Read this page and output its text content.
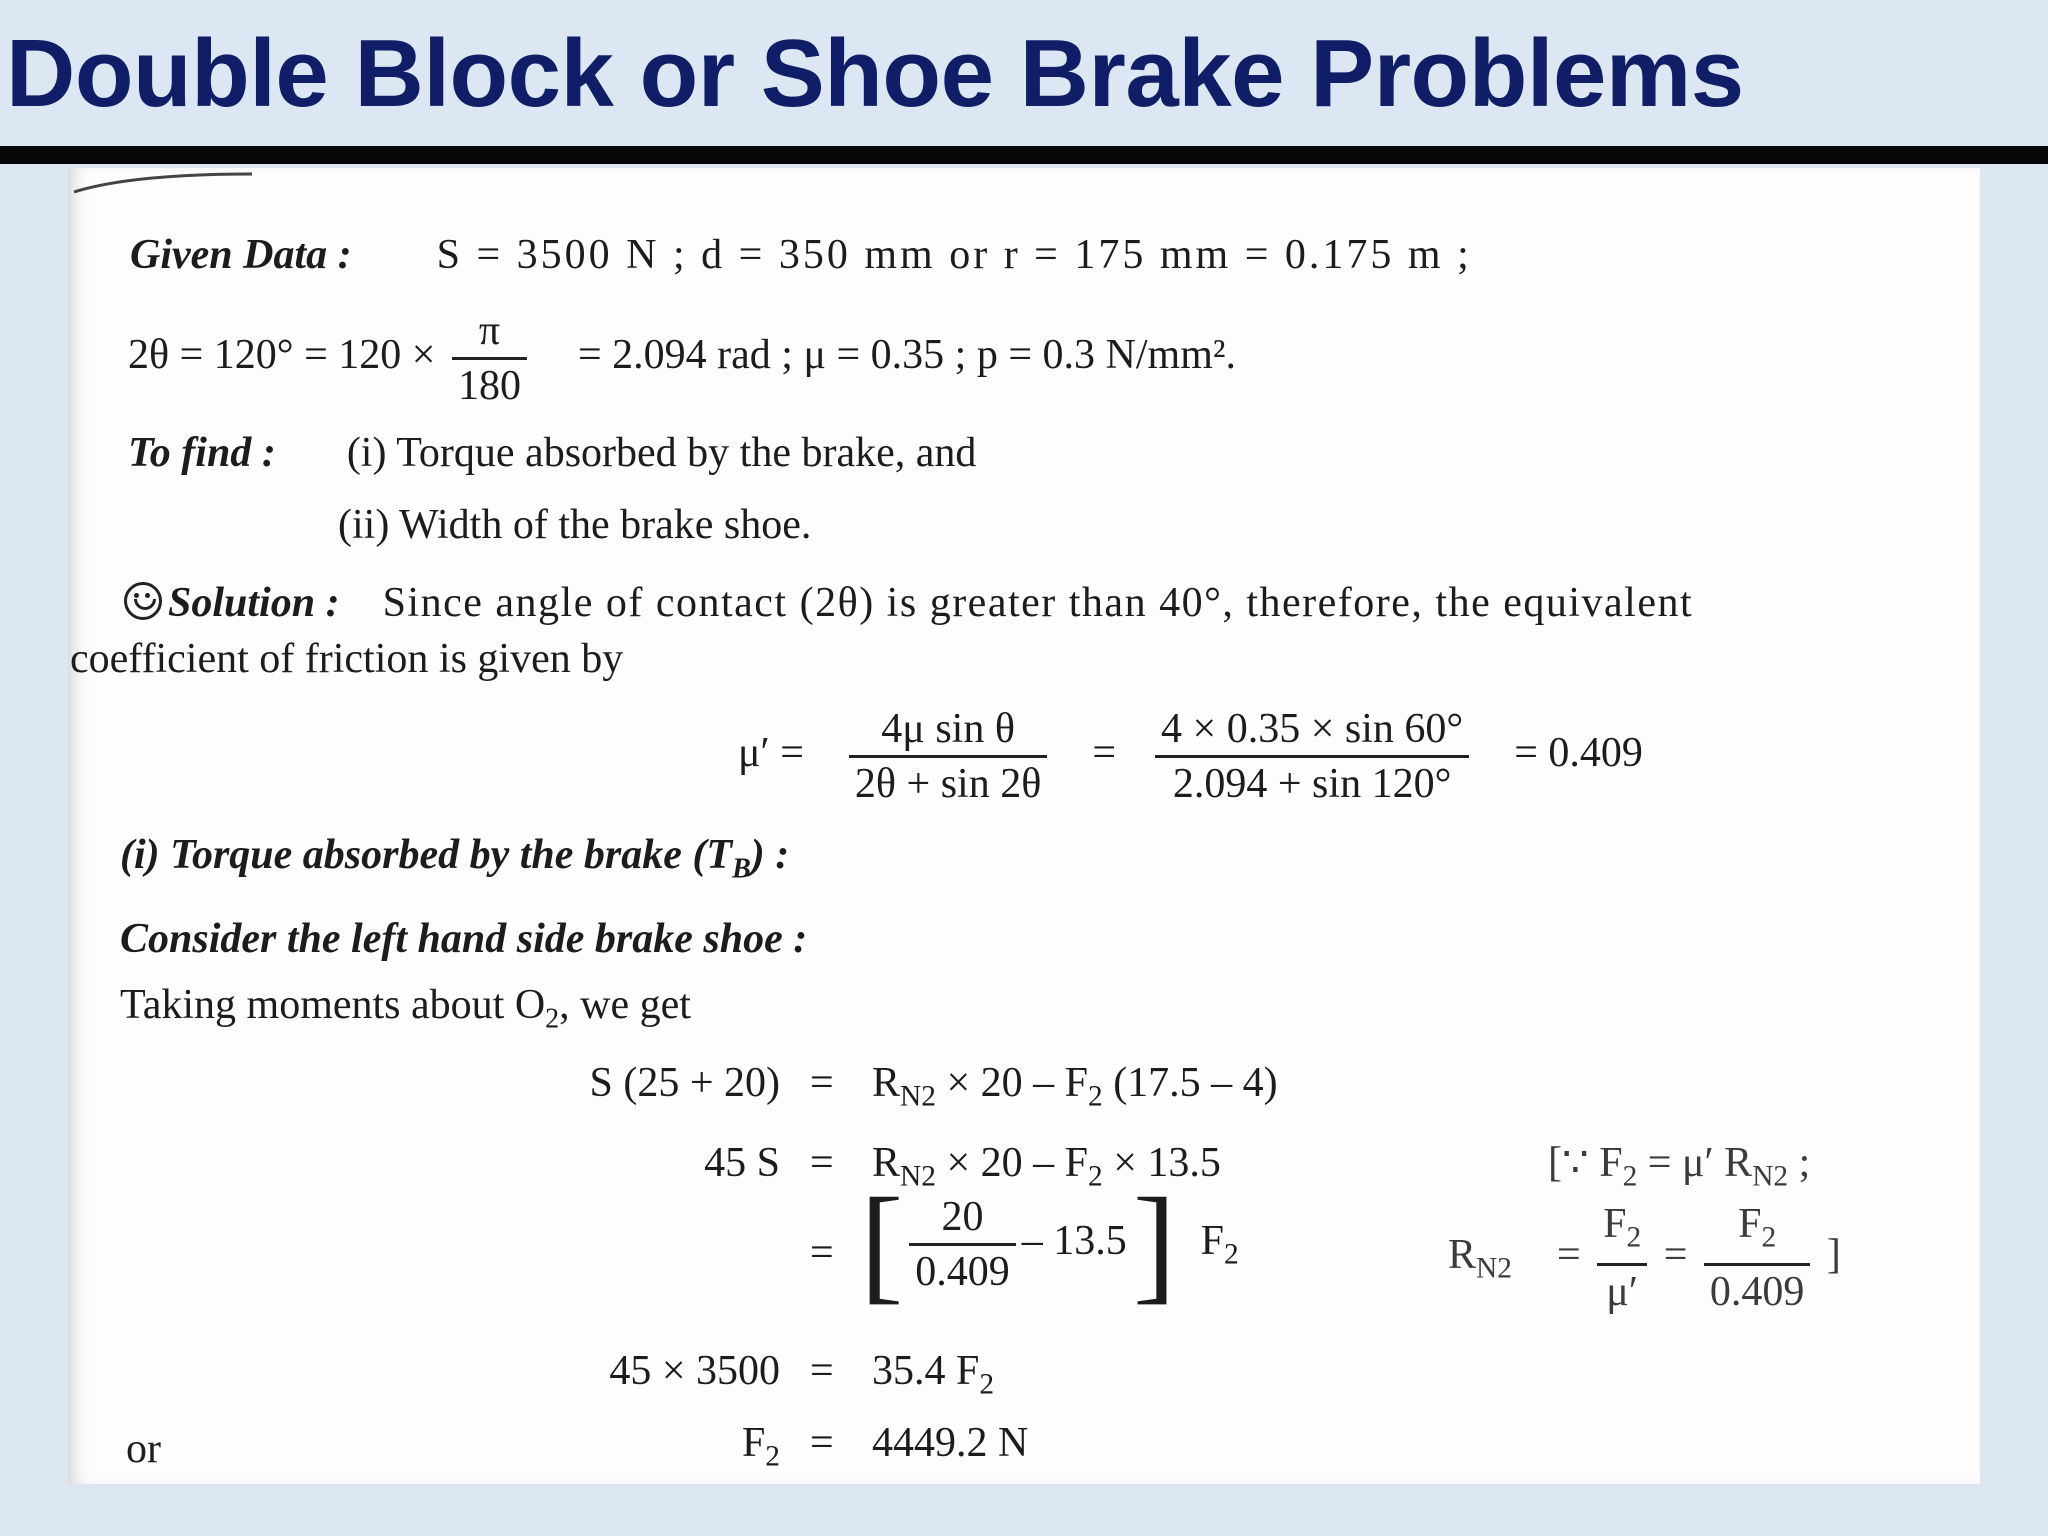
Double Block or Shoe Brake Problems
Given Data : S = 3500 N ; d = 350 mm or r = 175 mm = 0.175 m ;
$2\theta = 120^\circ = 120 \times \frac{\pi}{180} = 2.094$ rad ; μ = 0.35 ; p = 0.3 N/mm².
To find : (i) Torque absorbed by the brake, and
(ii) Width of the brake shoe.
Solution : Since angle of contact (2θ) is greater than 40°, therefore, the equivalent
coefficient of friction is given by
$\mu' = \frac{\text{4μ sin θ}}{2\theta + \sin 2\theta} = \frac{4 \times 0.35 \times \sin 60^\circ}{2.094 + \sin 120^\circ} = 0.409$
(i) Torque absorbed by the brake $(T_B)$ :
Consider the left hand side brake shoe :
Taking moments about $O_2$, we get
S $(25 + 20) = R_{N2} \times 20 - F_2$ (17.5 – 4)
45 $S = R_{N2} \times 20 - F_2 \times 13.5$
= [ $\frac{20}{0.409} - 13.5$] $F_2$
45 × 3500 = 35.4 $F_2$
or	$F_2 = 4449.2$ N
[∵ $F_2 = \mu'$ $R_{N2}$ ;
$R_{N2} = \frac{F_2}{\mu'} = \frac{F_2}{0.409}$ ]
